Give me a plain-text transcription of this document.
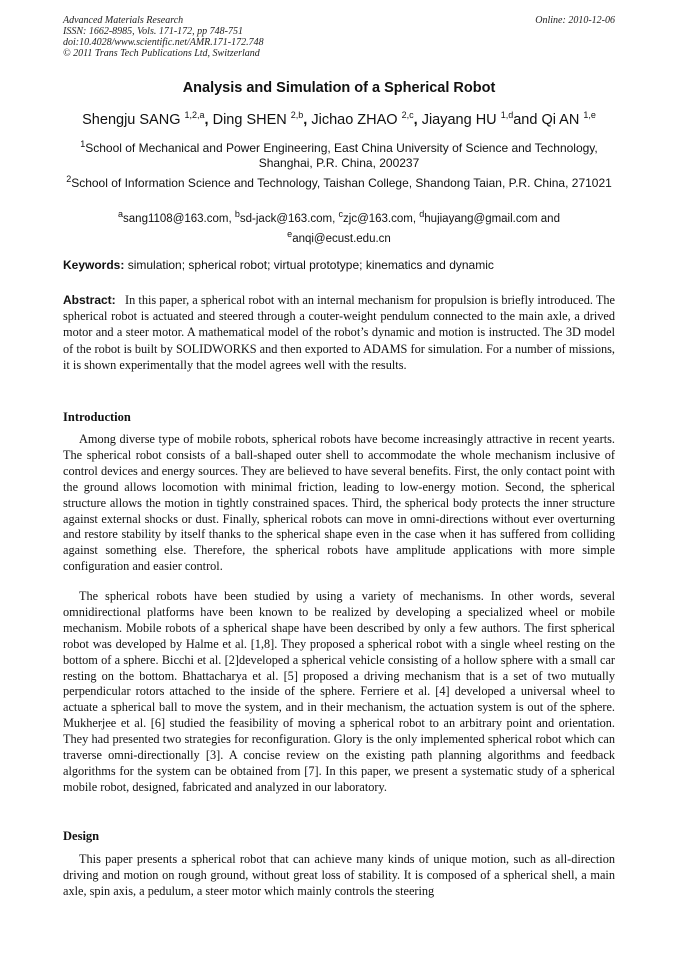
Advanced Materials Research
ISSN: 1662-8985, Vols. 171-172, pp 748-751
doi:10.4028/www.scientific.net/AMR.171-172.748
© 2011 Trans Tech Publications Ltd, Switzerland
Online: 2010-12-06
Analysis and Simulation of a Spherical Robot
Shengju SANG $^{1,2,a}$, Ding SHEN $^{2,b}$, Jichao ZHAO $^{2,c}$, Jiayang HU $^{1,d}$and Qi AN $^{1,e}$
$^1$School of Mechanical and Power Engineering, East China University of Science and Technology, Shanghai, P.R. China, 200237
$^2$School of Information Science and Technology, Taishan College, Shandong Taian, P.R. China, 271021
$^a$sang1108@163.com, $^b$sd-jack@163.com, $^c$zjc@163.com, $^d$hujiayang@gmail.com and
$^e$anqi@ecust.edu.cn
Keywords: simulation; spherical robot; virtual prototype; kinematics and dynamic
Abstract: In this paper, a spherical robot with an internal mechanism for propulsion is briefly introduced. The spherical robot is actuated and steered through a couter-weight pendulum connected to the main axle, a drived motor and a steer motor. A mathematical model of the robot’s dynamic and motion is instructed. The 3D model of the robot is built by SOLIDWORKS and then exported to ADAMS for simulation. For a number of missions, it is shown experimentally that the model agrees well with the results.
Introduction

Among diverse type of mobile robots, spherical robots have become increasingly attractive in recent yearts. The spherical robot consists of a ball-shaped outer shell to accommodate the whole mechanism inclusive of control devices and energy sources. They are believed to have several benefits. First, the only contact point with the ground allows locomotion with minimal friction, leading to low-energy motion. Second, the spherical structure allows the motion in tightly constrained spaces. Third, the spherical body protects the inner structure against external shocks or dust. Finally, spherical robots can move in omni-directions without ever overturning and restore stability by itself thanks to the spherical shape even in the case when it has suffered from colliding against something else. Therefore, the spherical robots have amplitude applications with more simple configuration and easier control.

The spherical robots have been studied by using a variety of mechanisms. In other words, several omnidirectional platforms have been known to be realized by developing a specialized wheel or mobile mechanism. Mobile robots of a spherical shape have been described by only a few authors. The first spherical robot was developed by Halme et al. [1,8]. They proposed a spherical robot with a single wheel resting on the bottom of a sphere. Bicchi et al. [2]developed a spherical vehicle consisting of a hollow sphere with a small car resting on the bottom. Bhattacharya et al. [5] proposed a driving mechanism that is a set of two mutually perpendicular rotors attached to the inside of the sphere. Ferriere et al. [4] developed a universal wheel to actuate a spherical ball to move the system, and in their mechanism, the actuation system is out of the sphere. Mukherjee et al. [6] studied the feasibility of moving a spherical robot to an arbitrary point and orientation. They had presented two strategies for reconfiguration. Glory is the only implemented spherical robot which can traverse omni-directionally [3]. A concise review on the existing path planning algorithms and feedback algorithms for the system can be obtained from [7]. In this paper, we present a systematic study of a spherical mobile robot, designed, fabricated and analyzed in our laboratory.

Design

This paper presents a spherical robot that can achieve many kinds of unique motion, such as all-direction driving and motion on rough ground, without great loss of stability. It is composed of a spherical shell, a main axle, spin axis, a pedulum, a steer motor which mainly controls the steering
